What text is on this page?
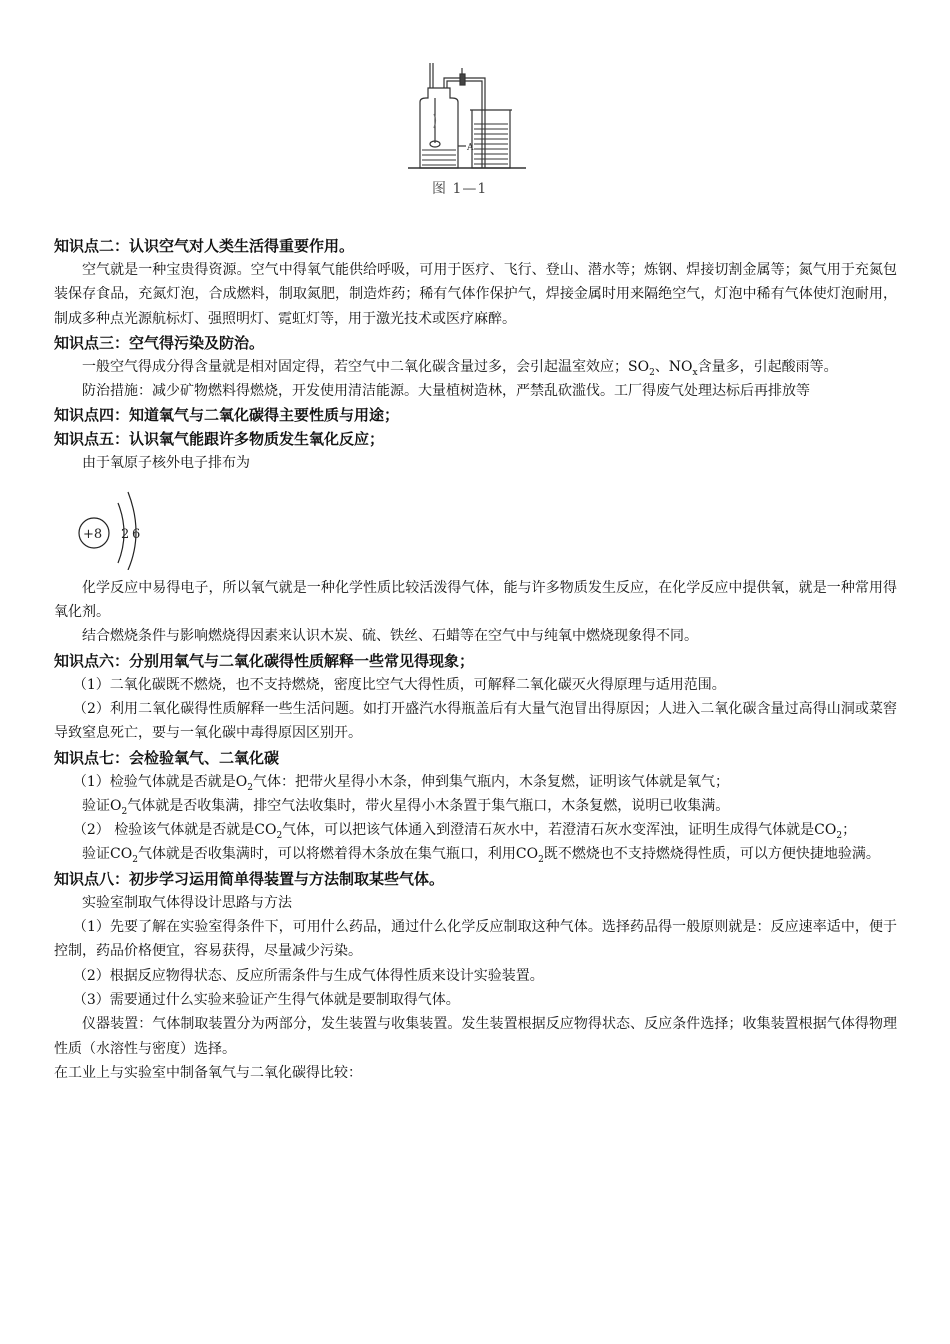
A
图 1—1

知识点二：认识空气对人类生活得重要作用。

空气就是一种宝贵得资源。空气中得氧气能供给呼吸，可用于医疗、飞行、登山、潜水等；炼钢、焊接切割金属等；氮气用于充氮包装保存食品，充氮灯泡，合成燃料，制取氮肥，制造炸药；稀有气体作保护气，焊接金属时用来隔绝空气，灯泡中稀有气体使灯泡耐用，制成多种点光源航标灯、强照明灯、霓虹灯等，用于激光技术或医疗麻醉。

知识点三：空气得污染及防治。

一般空气得成分得含量就是相对固定得，若空气中二氧化碳含量过多，会引起温室效应；$SO_2$、$NO_x$含量多，引起酸雨等。

防治措施：减少矿物燃料得燃烧，开发使用清洁能源。大量植树造林，严禁乱砍滥伐。工厂得废气处理达标后再排放等

知识点四：知道氧气与二氧化碳得主要性质与用途；

知识点五：认识氧气能跟许多物质发生氧化反应；

由于氧原子核外电子排布为

+8 2 6

化学反应中易得电子，所以氧气就是一种化学性质比较活泼得气体，能与许多物质发生反应，在化学反应中提供氧，就是一种常用得氧化剂。

结合燃烧条件与影响燃烧得因素来认识木炭、硫、铁丝、石蜡等在空气中与纯氧中燃烧现象得不同。

知识点六：分别用氧气与二氧化碳得性质解释一些常见得现象；

（1）二氧化碳既不燃烧，也不支持燃烧，密度比空气大得性质，可解释二氧化碳灭火得原理与适用范围。

（2）利用二氧化碳得性质解释一些生活问题。如打开盛汽水得瓶盖后有大量气泡冒出得原因；人进入二氧化碳含量过高得山洞或菜窖导致窒息死亡，要与一氧化碳中毒得原因区别开。

知识点七：会检验氧气、二氧化碳

（1）检验气体就是否就是$O_2$气体：把带火星得小木条，伸到集气瓶内，木条复燃，证明该气体就是氧气；

验证$O_2$气体就是否收集满，排空气法收集时，带火星得小木条置于集气瓶口，木条复燃，说明已收集满。

（2） 检验该气体就是否就是$CO_2$气体，可以把该气体通入到澄清石灰水中，若澄清石灰水变浑浊，证明生成得气体就是$CO_2$；

验证$CO_2$气体就是否收集满时，可以将燃着得木条放在集气瓶口，利用$CO_2$既不燃烧也不支持燃烧得性质，可以方便快捷地验满。

知识点八：初步学习运用简单得装置与方法制取某些气体。

实验室制取气体得设计思路与方法

（1）先要了解在实验室得条件下，可用什么药品，通过什么化学反应制取这种气体。选择药品得一般原则就是：反应速率适中，便于控制，药品价格便宜，容易获得，尽量减少污染。

（2）根据反应物得状态、反应所需条件与生成气体得性质来设计实验装置。

（3）需要通过什么实验来验证产生得气体就是要制取得气体。

仪器装置：气体制取装置分为两部分，发生装置与收集装置。发生装置根据反应物得状态、反应条件选择；收集装置根据气体得物理性质（水溶性与密度）选择。

在工业上与实验室中制备氧气与二氧化碳得比较：
